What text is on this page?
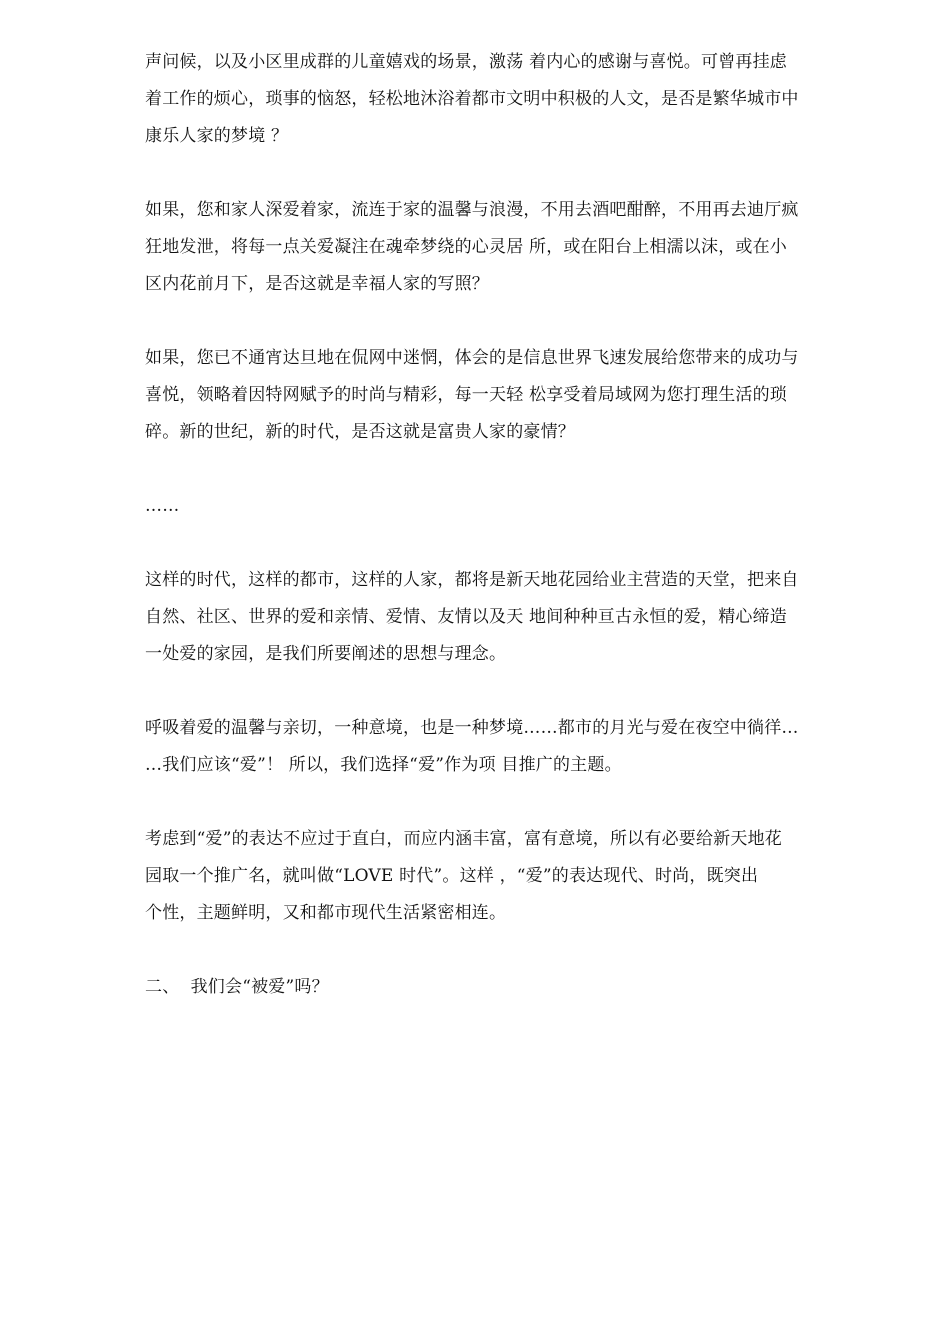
声问候，以及小区里成群的儿童嬉戏的场景，激荡 着内心的感谢与喜悦。可曾再挂虑
着工作的烦心，琐事的恼怒，轻松地沐浴着都市文明中积极的人文，是否是繁华城市中
康乐人家的梦境 ？

如果，您和家人深爱着家，流连于家的温馨与浪漫，不用去酒吧酣醉，不用再去迪厅疯
狂地发泄，将每一点关爱凝注在魂牵梦绕的心灵居 所，或在阳台上相濡以沫，或在小
区内花前月下，是否这就是幸福人家的写照？

如果，您已不通宵达旦地在侃网中迷惘，体会的是信息世界飞速发展给您带来的成功与
喜悦，领略着因特网赋予的时尚与精彩，每一天轻 松享受着局域网为您打理生活的琐
碎。新的世纪，新的时代，是否这就是富贵人家的豪情？

……

这样的时代，这样的都市，这样的人家，都将是新天地花园给业主营造的天堂，把来自
自然、社区、世界的爱和亲情、爱情、友情以及天 地间种种亘古永恒的爱，精心缔造
一处爱的家园，是我们所要阐述的思想与理念。

呼吸着爱的温馨与亲切，一种意境，也是一种梦境……都市的月光与爱在夜空中徜徉…
…我们应该“爱”！ 所以，我们选择“爱”作为项 目推广的主题。

考虑到“爱”的表达不应过于直白，而应内涵丰富，富有意境，所以有必要给新天地花
园取一个推广名，就叫做“LOVE 时代”。这样 ，“爱”的表达现代、时尚，既突出
个性，主题鲜明，又和都市现代生活紧密相连。

二、  我们会“被爱”吗？
